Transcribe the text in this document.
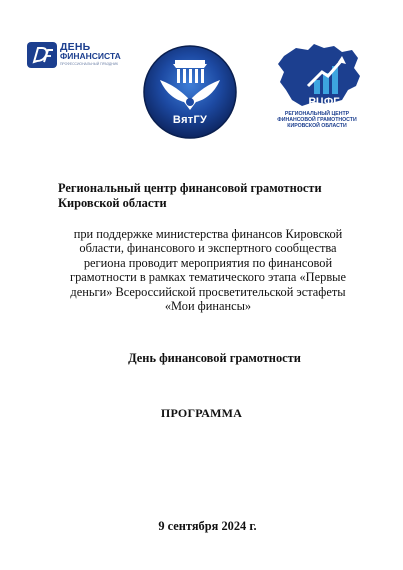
ДЕНЬ
ФИНАНСИСТА
ПРОФЕССИОНАЛЬНЫЙ ПРАЗДНИК
ВятГУ
РЦФГ
РЕГИОНАЛЬНЫЙ ЦЕНТР
ФИНАНСОВОЙ ГРАМОТНОСТИ
КИРОВСКОЙ ОБЛАСТИ
Региональный центр финансовой грамотности
Кировской области
при поддержке министерства финансов Кировской
области, финансового и экспертного сообщества
региона проводит мероприятия по финансовой
грамотности в рамках тематического этапа «Первые
деньги» Всероссийской просветительской эстафеты
«Мои финансы»
День финансовой грамотности
ПРОГРАММА
9 сентября 2024 г.
